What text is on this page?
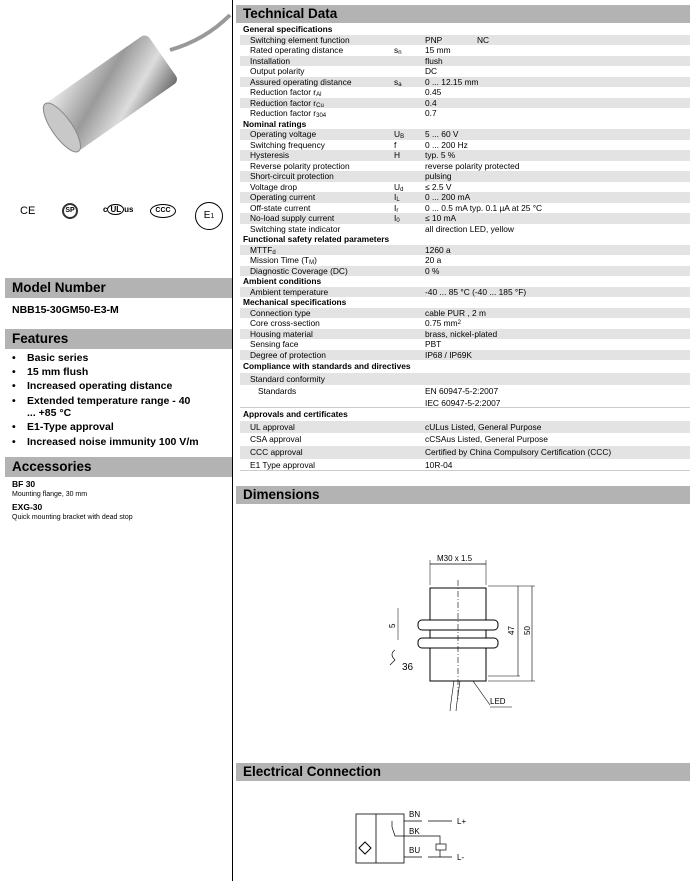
CE	SP	c UL us	CCC	E1
Model Number
NBB15-30GM50-E3-M
Features
• Basic series
• 15 mm flush
• Increased operating distance
• Extended temperature range - 40 ... +85 °C
• E1-Type approval
• Increased noise immunity 100 V/m
Accessories
BF 30
Mounting flange, 30 mm
EXG-30
Quick mounting bracket with dead stop
Technical Data
General specifications
Switching element function	PNP	NC
Rated operating distance	$s_n$	15 mm
Installation	flush
Output polarity	DC
Assured operating distance	$s_a$	0 ... 12.15 mm
Reduction factor $r_{Al}$	0.45
Reduction factor $r_{Cu}$	0.4
Reduction factor $r_{304}$	0.7
Nominal ratings
Operating voltage	$U_B$ 5 ... 60 V
Switching frequency	f	0 ... 200 Hz
Hysteresis	H	typ. 5 %
Reverse polarity protection	reverse polarity protected
Short-circuit protection	pulsing
Voltage drop	$U_d$	≤ 2.5 V
Operating current	$I_L$	0 ... 200 mA
Off-state current	$I_r$	0 ... 0.5 mA typ. 0.1 µA at 25 °C
No-load supply current	$I_0$	≤ 10 mA
Switching state indicator	all direction LED, yellow
Functional safety related parameters
$MTTF_d$	1260 a
Mission Time $(T_M)$	20 a
Diagnostic Coverage (DC)	0 %
Ambient conditions
Ambient temperature	-40 ... 85 °C (-40 ... 185 °F)
Mechanical specifications
Connection type	cable PUR , 2 m
Core cross-section	0.75 $mm^2$
Housing material	brass, nickel-plated
Sensing face	PBT
Degree of protection	IP68 / IP69K
Compliance with standards and directives
Standard conformity
Standards	EN 60947-5-2:2007
IEC 60947-5-2:2007
Approvals and certificates
UL approval	cULus Listed, General Purpose
CSA approval	cCSAus Listed, General Purpose
CCC approval	Certified by China Compulsory Certification (CCC)
E1 Type approval	10R-04
Dimensions
M30 x 1.5
47 50
5
36
LED
Electrical Connection
BN
BK
BU
L+
L-
